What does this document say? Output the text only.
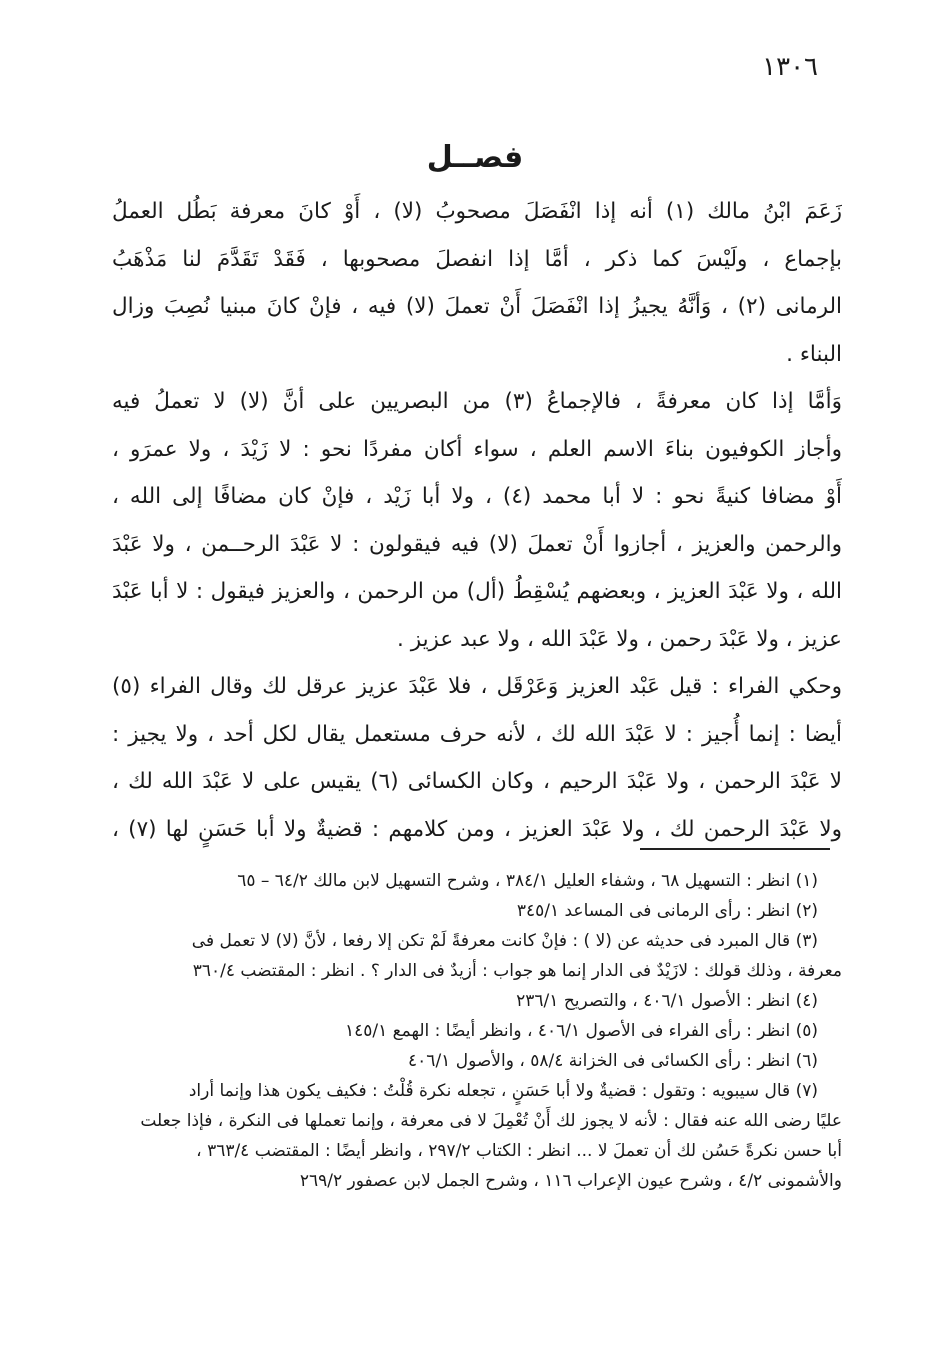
١٣٠٦
فصــل
زَعَمَ ابْنُ مالك (١) أنه إذا انْفَصَلَ مصحوبُ (لا) ، أَوْ كانَ معرفة بَطُل العملُ
بإجماع ، ولَيْسَ كما ذكر ، أمَّا إذا انفصلَ مصحوبها ، فَقَدْ تَقَدَّمَ لنا مَذْهَبُ
الرمانى (٢) ، وَأنَّهُ يجيزُ إذا انْفَصَلَ أَنْ تعملَ (لا) فيه ، فإنْ كانَ مبنيا نُصِبَ وزال
البناء .
وَأمَّا إذا كان معرفةً ، فالإجماعُ (٣) من البصريين على أنَّ (لا) لا تعملُ فيه
وأجاز الكوفيون بناءَ الاسم العلم ، سواء أكان مفردًا نحو : لا زَيْدَ ، ولا عمرَو ،
أَوْ مضافا كنيةً نحو : لا أبا محمد (٤) ، ولا أبا زَيْد ، فإنْ كان مضافًا إلى الله ،
والرحمن والعزيز ، أجازوا أَنْ تعملَ (لا) فيه فيقولون : لا عَبْدَ الرحــمن ، ولا عَبْدَ
الله ، ولا عَبْدَ العزيز ، وبعضهم يُسْقِطُ (أل) من الرحمن ، والعزيز فيقول : لا أبا عَبْدَ
عزيز ، ولا عَبْدَ رحمن ، ولا عَبْدَ الله ، ولا عبد عزيز .
وحكي الفراء : قيل عَبْد العزيز وَعَرْقَل ، فلا عَبْدَ عزيز عرقل لك وقال الفراء (٥)
أيضا : إنما أُجيز : لا عَبْدَ الله لك ، لأنه حرف مستعمل يقال لكل أحد ، ولا يجيز :
لا عَبْدَ الرحمن ، ولا عَبْدَ الرحيم ، وكان الكسائى (٦) يقيس على لا عَبْدَ الله لك ،
ولا عَبْدَ الرحمن لك ، ولا عَبْدَ العزيز ، ومن كلامهم : قضيةٌ ولا أبا حَسَنٍ لها (٧) ،
(١) انظر : التسهيل ٦٨ ، وشفاء العليل ٣٨٤/١ ، وشرح التسهيل لابن مالك ٦٤/٢ – ٦٥
(٢) انظر : رأى الرمانى فى المساعد ٣٤٥/١
(٣) قال المبرد فى حديثه عن (لا ) : فإنْ كانت معرفةً لَمْ تكن إلا رفعا ، لأنَّ (لا) لا تعمل فى
معرفة ، وذلك قولك : لازَيْدٌ فى الدار إنما هو جواب : أزيدٌ فى الدار ؟ . انظر : المقتضب ٣٦٠/٤
(٤) انظر : الأصول ٤٠٦/١ ، والتصريح ٢٣٦/١
(٥) انظر : رأى الفراء فى الأصول ٤٠٦/١ ، وانظر أيضًا : الهمع ١٤٥/١
(٦) انظر : رأى الكسائى فى الخزانة ٥٨/٤ ، والأصول ٤٠٦/١
(٧) قال سيبويه : وتقول : قضيةٌ ولا أبا حَسَنٍ ، تجعله نكرة قُلْتُ : فكيف يكون هذا وإنما أراد
عليًا رضى الله عنه فقال : لأنه لا يجوز لك أَنْ تُعْمِلَ لا فى معرفة ، وإنما تعملها فى النكرة ، فإذا جعلت
أبا حسن نكرةً حَسُن لك أن تعملَ لا ... انظر : الكتاب ٢٩٧/٢ ، وانظر أيضًا : المقتضب ٣٦٣/٤ ،
والأشمونى ٤/٢ ، وشرح عيون الإعراب ١١٦ ، وشرح الجمل لابن عصفور ٢٦٩/٢
